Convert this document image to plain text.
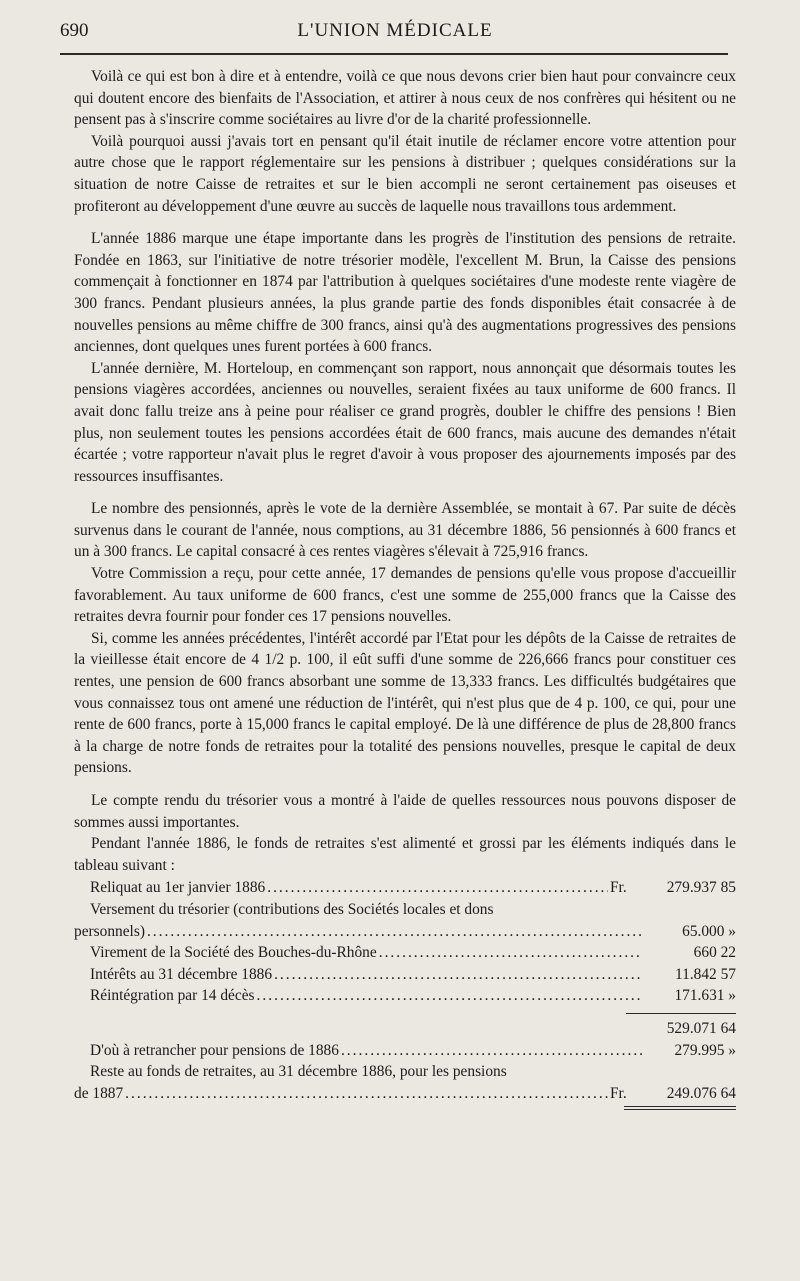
690	L'UNION MÉDICALE

Voilà ce qui est bon à dire et à entendre, voilà ce que nous devons crier bien haut pour convaincre ceux qui doutent encore des bienfaits de l'Association, et attirer à nous ceux de nos confrères qui hésitent ou ne pensent pas à s'inscrire comme sociétaires au livre d'or de la charité professionnelle.

Voilà pourquoi aussi j'avais tort en pensant qu'il était inutile de réclamer encore votre attention pour autre chose que le rapport réglementaire sur les pensions à distribuer ; quelques considérations sur la situation de notre Caisse de retraites et sur le bien accompli ne seront certainement pas oiseuses et profiteront au développement d'une œuvre au succès de laquelle nous travaillons tous ardemment.

L'année 1886 marque une étape importante dans les progrès de l'institution des pensions de retraite. Fondée en 1863, sur l'initiative de notre trésorier modèle, l'excellent M. Brun, la Caisse des pensions commençait à fonctionner en 1874 par l'attribution à quelques sociétaires d'une modeste rente viagère de 300 francs. Pendant plusieurs années, la plus grande partie des fonds disponibles était consacrée à de nouvelles pensions au même chiffre de 300 francs, ainsi qu'à des augmentations progressives des pensions anciennes, dont quelques unes furent portées à 600 francs.

L'année dernière, M. Horteloup, en commençant son rapport, nous annonçait que désormais toutes les pensions viagères accordées, anciennes ou nouvelles, seraient fixées au taux uniforme de 600 francs. Il avait donc fallu treize ans à peine pour réaliser ce grand progrès, doubler le chiffre des pensions ! Bien plus, non seulement toutes les pensions accordées était de 600 francs, mais aucune des demandes n'était écartée ; votre rapporteur n'avait plus le regret d'avoir à vous proposer des ajournements imposés par des ressources insuffisantes.

Le nombre des pensionnés, après le vote de la dernière Assemblée, se montait à 67. Par suite de décès survenus dans le courant de l'année, nous comptions, au 31 décembre 1886, 56 pensionnés à 600 francs et un à 300 francs. Le capital consacré à ces rentes viagères s'élevait à 725,916 francs.

Votre Commission a reçu, pour cette année, 17 demandes de pensions qu'elle vous propose d'accueillir favorablement. Au taux uniforme de 600 francs, c'est une somme de 255,000 francs que la Caisse des retraites devra fournir pour fonder ces 17 pensions nouvelles.

Si, comme les années précédentes, l'intérêt accordé par l'Etat pour les dépôts de la Caisse de retraites de la vieillesse était encore de 4 1/2 p. 100, il eût suffi d'une somme de 226,666 francs pour constituer ces rentes, une pension de 600 francs absorbant une somme de 13,333 francs. Les difficultés budgétaires que vous connaissez tous ont amené une réduction de l'intérêt, qui n'est plus que de 4 p. 100, ce qui, pour une rente de 600 francs, porte à 15,000 francs le capital employé. De là une différence de plus de 28,800 francs à la charge de notre fonds de retraites pour la totalité des pensions nouvelles, presque le capital de deux pensions.

Le compte rendu du trésorier vous a montré à l'aide de quelles ressources nous pouvons disposer de sommes aussi importantes.

Pendant l'année 1886, le fonds de retraites s'est alimenté et grossi par les éléments indiqués dans le tableau suivant :

Reliquat au 1er janvier 1886 .....	Fr.	279.937 85
Versement du trésorier (contributions des Sociétés locales et dons
personnels) .....	65.000 »
Virement de la Société des Bouches-du-Rhône .....	660 22
Intérêts au 31 décembre 1886 .....	11.842 57
Réintégration par 14 décès .....	171.631 »
529.071 64
D'où à retrancher pour pensions de 1886 .....	279.995 »
Reste au fonds de retraites, au 31 décembre 1886, pour les pensions
de 1887 .....	Fr.	249.076 64
